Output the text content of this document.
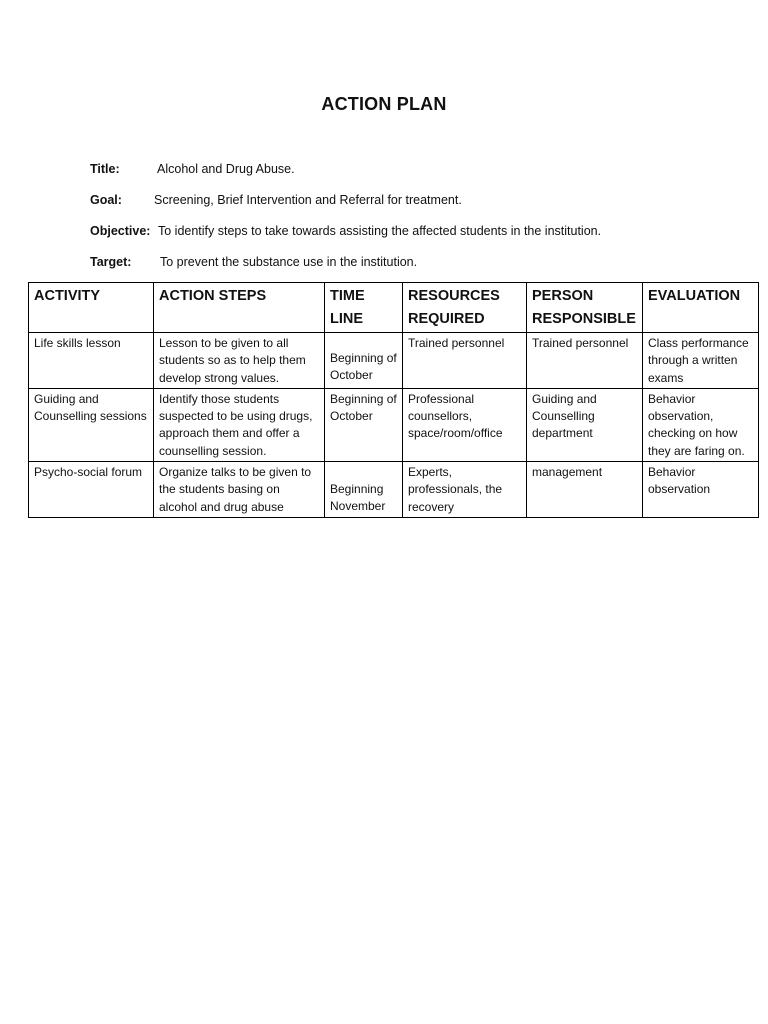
ACTION PLAN
Title:	Alcohol and Drug Abuse.
Goal:	Screening, Brief Intervention and Referral for treatment.
Objective: To identify steps to take towards assisting the affected students in the institution.
Target: To prevent the substance use in the institution.
ACTIVITY	ACTION STEPS	TIME LINE	RESOURCES REQUIRED	PERSON RESPONSIBLE	EVALUATION
Life skills lesson	Lesson to be given to all students so as to help them develop strong values.	Beginning of October	Trained personnel	Trained personnel	Class performance through a written exams
Guiding and Counselling sessions	Identify those students suspected to be using drugs, approach them and offer a counselling session.	Beginning of October	Professional counsellors, space/room/office	Guiding and Counselling department	Behavior observation, checking on how they are faring on.
Psycho-social forum	Organize talks to be given to the students basing on alcohol and drug abuse	Beginning November	Experts, professionals, the recovery	management	Behavior observation
